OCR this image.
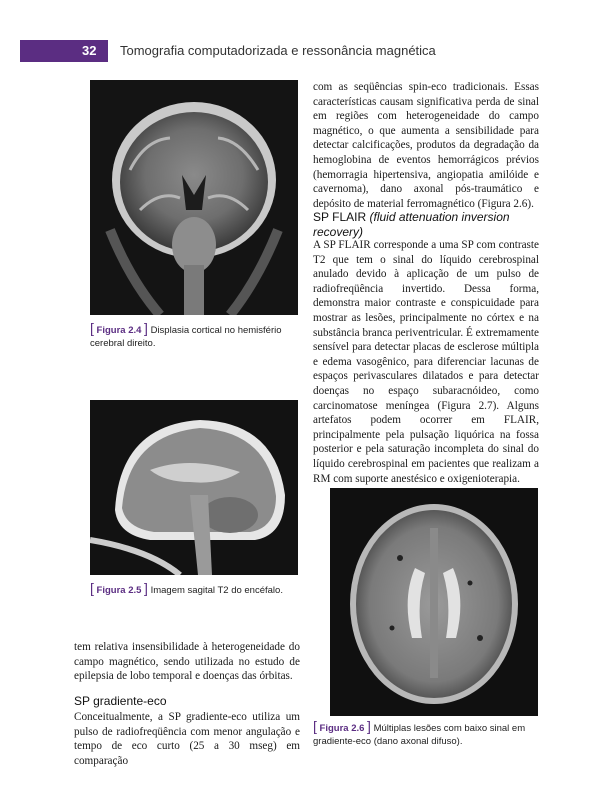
32 Tomografia computadorizada e ressonância magnética
[ Figura 2.4 ] Displasia cortical no hemisfério cerebral direito.
[ Figura 2.5 ] Imagem sagital T2 do encéfalo.
tem relativa insensibilidade à heterogeneidade do campo magnético, sendo utilizada no estudo de epilepsia de lobo temporal e doenças das órbitas.
SP gradiente-eco
Conceitualmente, a SP gradiente-eco utiliza um pulso de radiofreqüência com menor angulação e tempo de eco curto (25 a 30 mseg) em comparação
com as seqüências spin-eco tradicionais. Essas características causam significativa perda de sinal em regiões com heterogeneidade do campo magnético, o que aumenta a sensibilidade para detectar calcificações, produtos da degradação da hemoglobina de eventos hemorrágicos prévios (hemorragia hipertensiva, angiopatia amilóide e cavernoma), dano axonal pós-traumático e depósito de material ferromagnético (Figura 2.6).
SP FLAIR (fluid attenuation inversion recovery)
A SP FLAIR corresponde a uma SP com contraste T2 que tem o sinal do líquido cerebrospinal anulado devido à aplicação de um pulso de radiofreqüência invertido. Dessa forma, demonstra maior contraste e conspicuidade para mostrar as lesões, principalmente no córtex e na substância branca periventricular. É extremamente sensível para detectar placas de esclerose múltipla e edema vasogênico, para diferenciar lacunas de espaços perivasculares dilatados e para detectar doenças no espaço subaracnóideo, como carcinomatose meníngea (Figura 2.7). Alguns artefatos podem ocorrer em FLAIR, principalmente pela pulsação liquórica na fossa posterior e pela saturação incompleta do sinal do líquido cerebrospinal em pacientes que realizam a RM com suporte anestésico e oxigenioterapia.
[ Figura 2.6 ] Múltiplas lesões com baixo sinal em gradiente-eco (dano axonal difuso).
